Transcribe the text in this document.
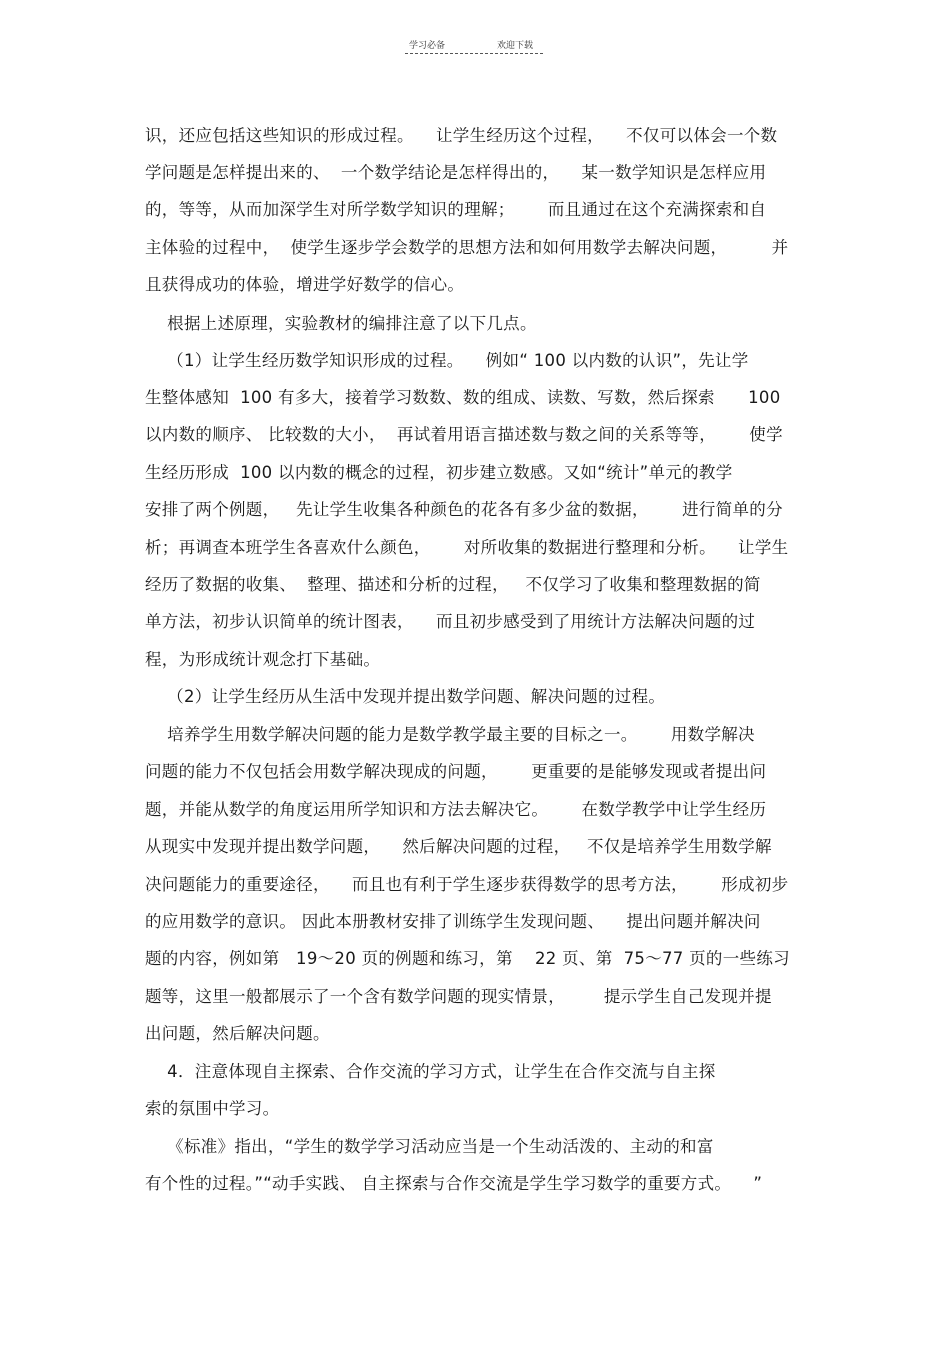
学习必备	欢迎下载
识，还应包括这些知识的形成过程。    让学生经历这个过程，    不仅可以体会一个数
学问题是怎样提出来的、  一个数学结论是怎样得出的，    某一数学知识是怎样应用
的，等等，从而加深学生对所学数学知识的理解；      而且通过在这个充满探索和自
主体验的过程中，  使学生逐步学会数学的思想方法和如何用数学去解决问题，        并
且获得成功的体验，增进学好数学的信心。
根据上述原理，实验教材的编排注意了以下几点。
（1）让学生经历数学知识形成的过程。    例如“ 100 以内数的认识”，先让学
生整体感知  100 有多大，接着学习数数、数的组成、读数、写数，然后探索      100
以内数的顺序、 比较数的大小，  再试着用语言描述数与数之间的关系等等，      使学
生经历形成  100 以内数的概念的过程，初步建立数感。又如“统计”单元的教学
安排了两个例题，   先让学生收集各种颜色的花各有多少盆的数据，      进行简单的分
析；再调查本班学生各喜欢什么颜色，      对所收集的数据进行整理和分析。    让学生
经历了数据的收集、  整理、描述和分析的过程，   不仅学习了收集和整理数据的简
单方法，初步认识简单的统计图表，    而且初步感受到了用统计方法解决问题的过
程，为形成统计观念打下基础。
（2）让学生经历从生活中发现并提出数学问题、解决问题的过程。
培养学生用数学解决问题的能力是数学教学最主要的目标之一。      用数学解决
问题的能力不仅包括会用数学解决现成的问题，      更重要的是能够发现或者提出问
题，并能从数学的角度运用所学知识和方法去解决它。      在数学教学中让学生经历
从现实中发现并提出数学问题，    然后解决问题的过程，   不仅是培养学生用数学解
决问题能力的重要途径，    而且也有利于学生逐步获得数学的思考方法，      形成初步
的应用数学的意识。 因此本册教材安排了训练学生发现问题、    提出问题并解决问
题的内容，例如第   19～20 页的例题和练习，第    22 页、第  75～77 页的一些练习
题等，这里一般都展示了一个含有数学问题的现实情景，       提示学生自己发现并提
出问题，然后解决问题。
4．注意体现自主探索、合作交流的学习方式，让学生在合作交流与自主探
索的氛围中学习。
《标准》指出，“学生的数学学习活动应当是一个生动活泼的、主动的和富
有个性的过程。”“动手实践、 自主探索与合作交流是学生学习数学的重要方式。    ”
